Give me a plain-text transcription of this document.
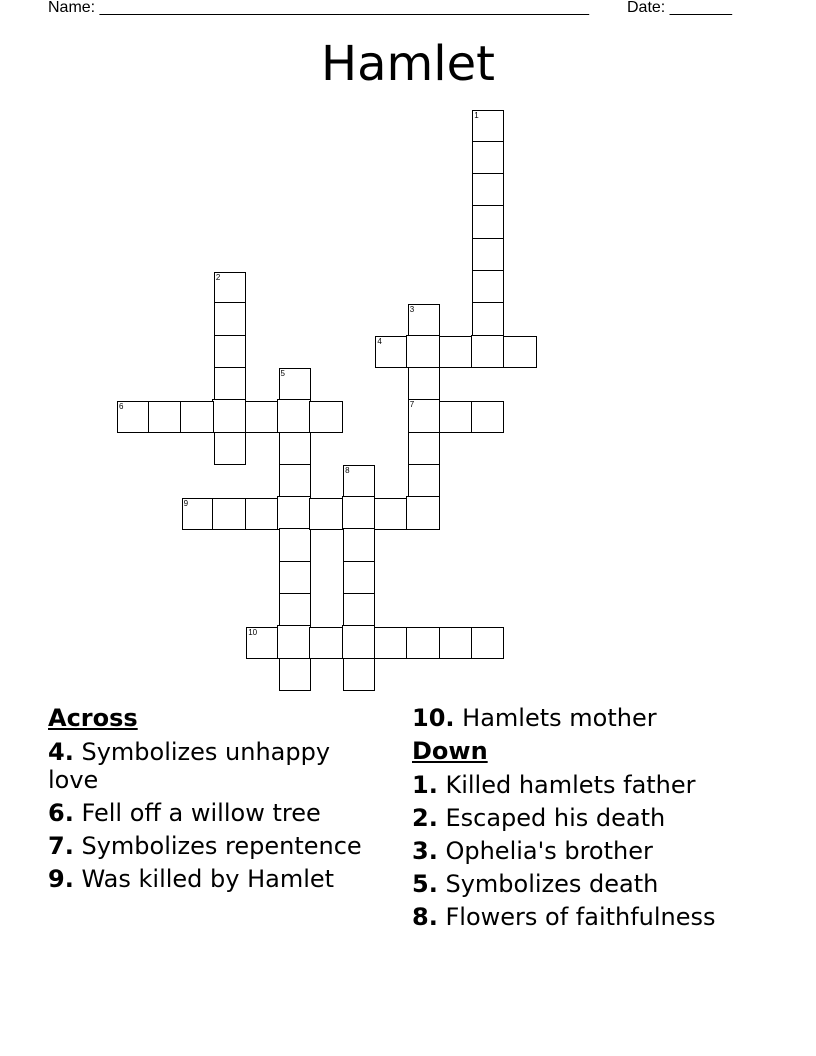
Name: _______________________________________________________ Date: _______
Hamlet
1
2
3
7
4
5
6
8
9
10
Across
4. Symbolizes unhappy love
6. Fell off a willow tree
7. Symbolizes repentence
9. Was killed by Hamlet
10. Hamlets mother
Down
1. Killed hamlets father
2. Escaped his death
3. Ophelia's brother
5. Symbolizes death
8. Flowers of faithfulness
